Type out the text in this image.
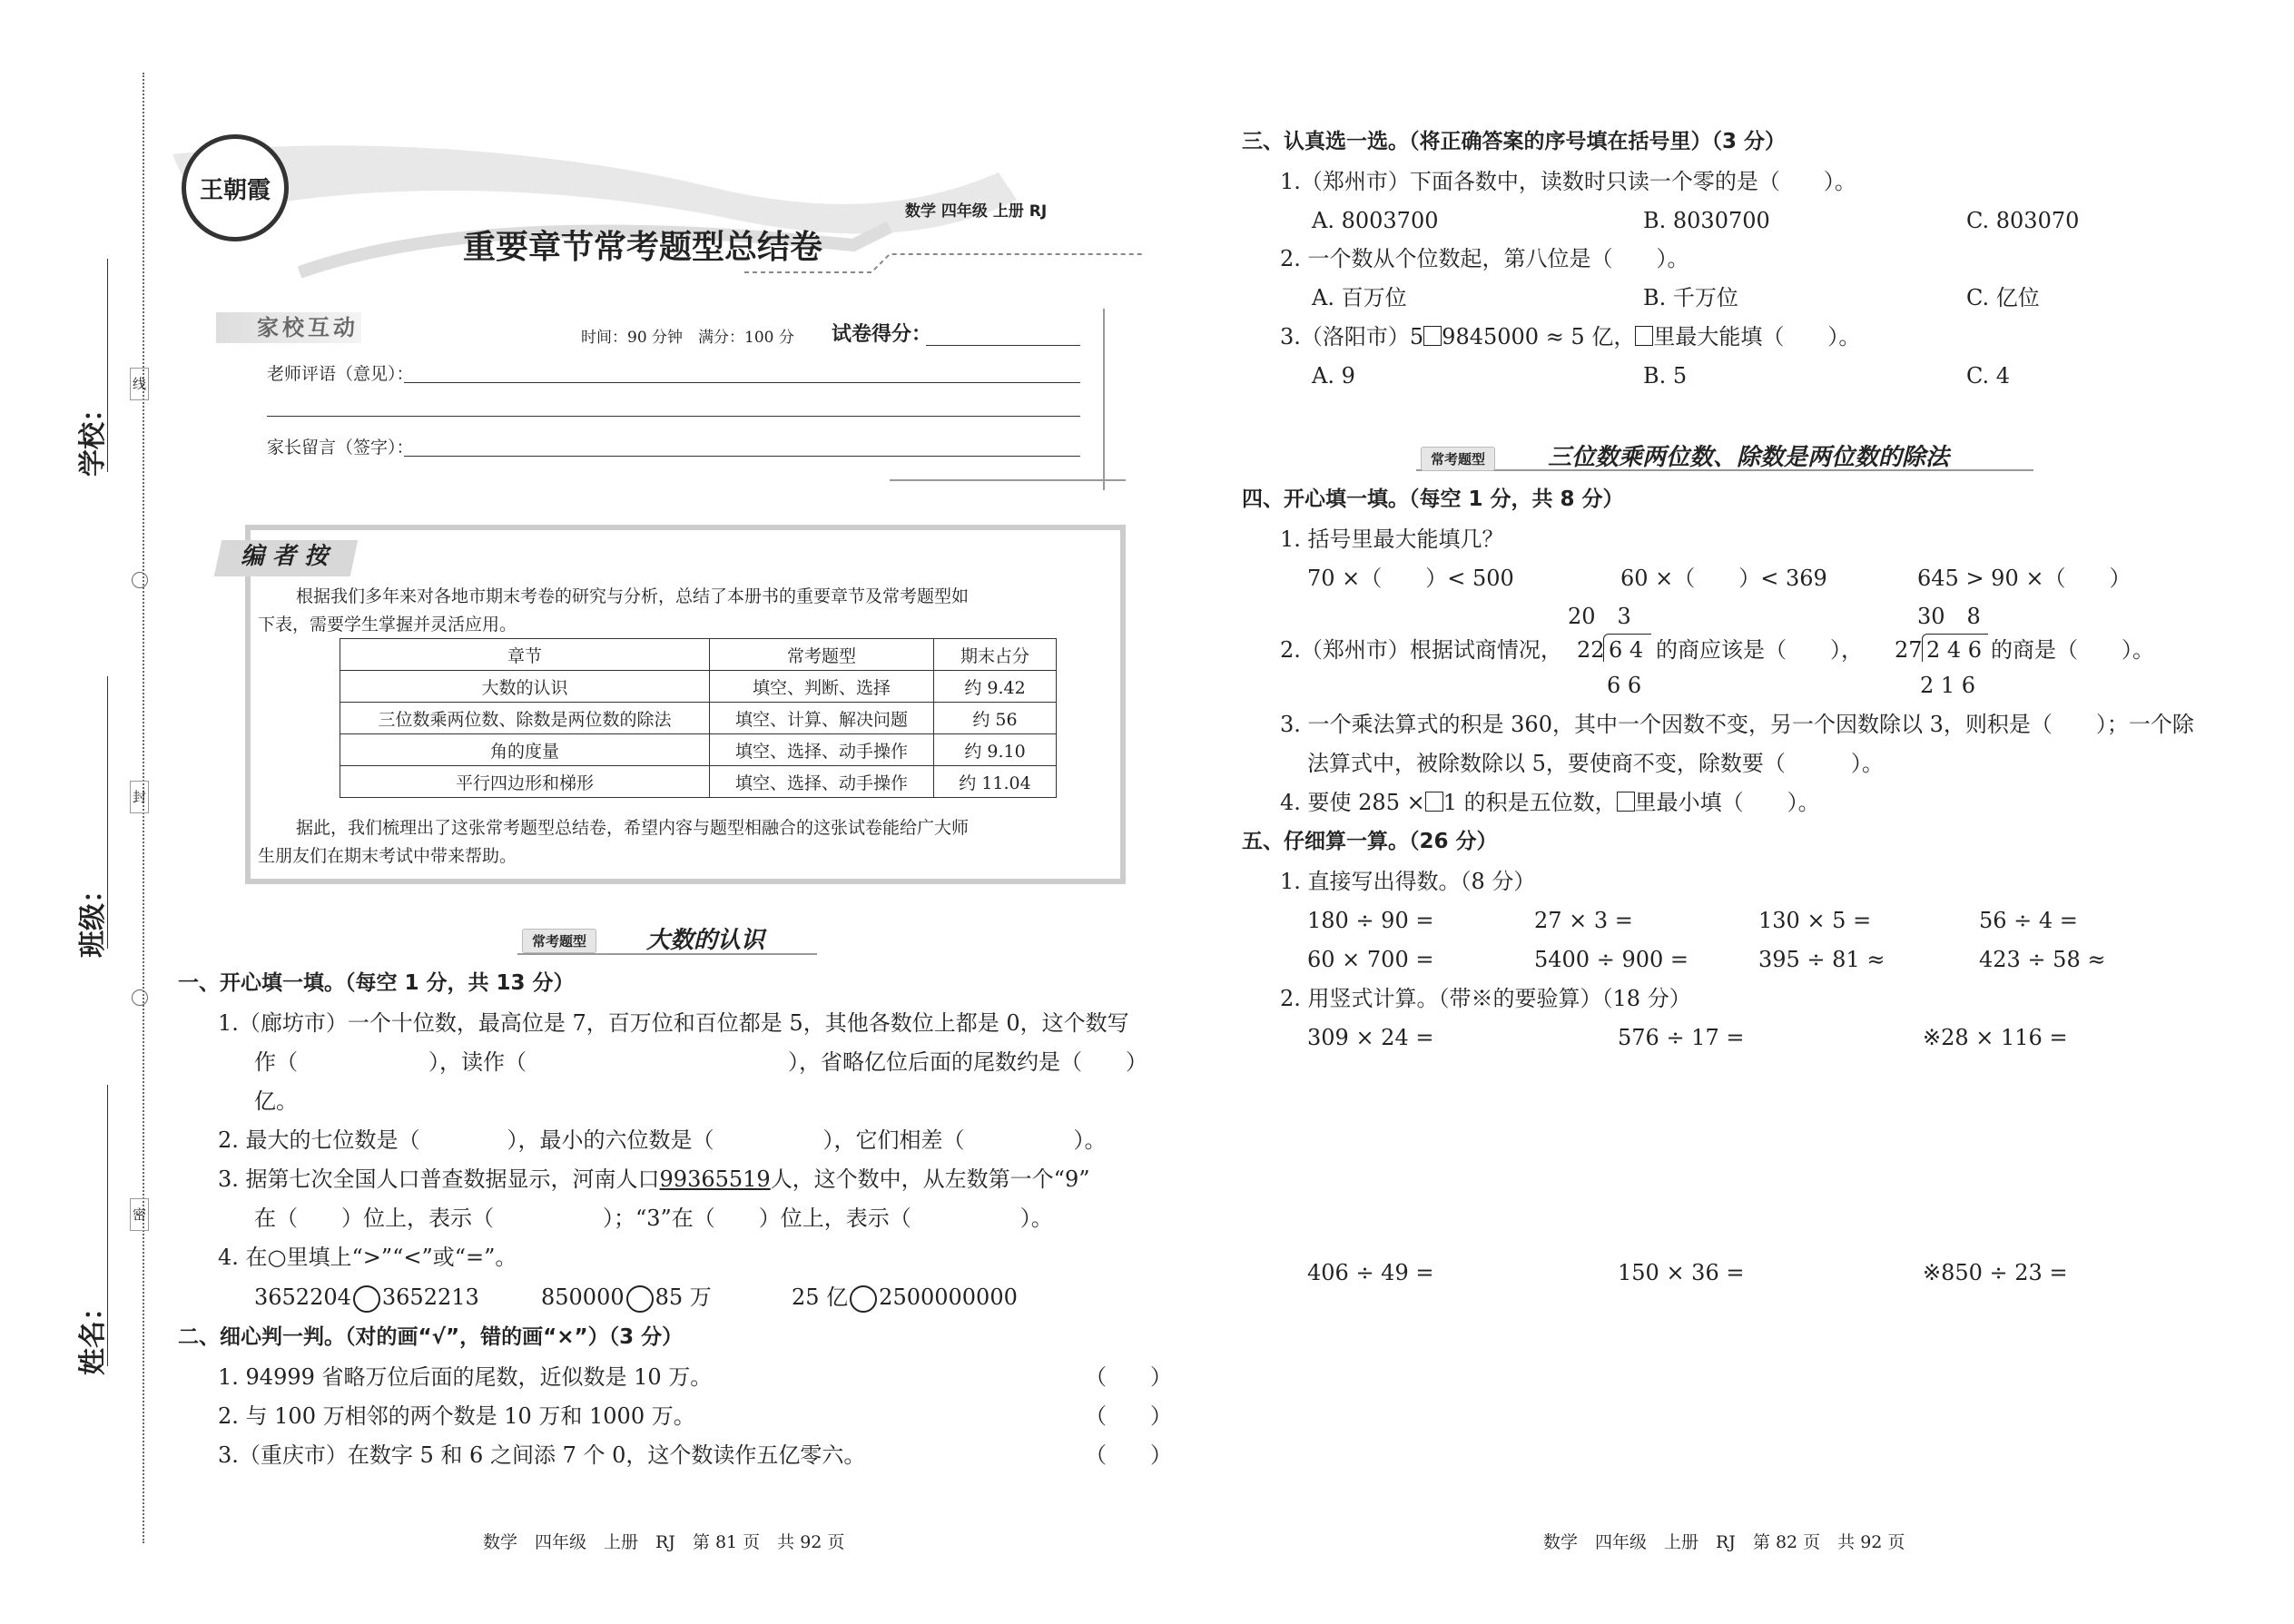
学校：
线
班级：
封
密
姓名：
王朝霞
数学 四年级 上册 RJ
重要章节常考题型总结卷
家校互动	时间：90 分钟　满分：100 分 试卷得分：
老师评语（意见）：
家长留言（签字）：
编 者 按
根据我们多年来对各地市期末考卷的研究与分析，总结了本册书的重要章节及常考题型如
下表，需要学生掌握并灵活应用。
章节	常考题型	期末占分
大数的认识	填空、判断、选择	约 9.42
三位数乘两位数、除数是两位数的除法	填空、计算、解决问题	约 56
角的度量	填空、选择、动手操作	约 9.10
平行四边形和梯形	填空、选择、动手操作	约 11.04
据此，我们梳理出了这张常考题型总结卷，希望内容与题型相融合的这张试卷能给广大师
生朋友们在期末考试中带来帮助。
常考题型	大数的认识
一、开心填一填。（每空 1 分，共 13 分）
1.（廊坊市）一个十位数，最高位是 7，百万位和百位都是 5，其他各数位上都是 0，这个数写
作（　　　　　　），读作（　　　　　　　　　　　　），省略亿位后面的尾数约是（　　）
亿。
2. 最大的七位数是（　　　　），最小的六位数是（　　　　　），它们相差（　　　　　）。
3. 据第七次全国人口普查数据显示，河南人口99365519人，这个数中，从左数第一个“9”
在（　　）位上，表示（　　　　　）；“3”在（　　）位上，表示（　　　　　）。
4. 在○里填上“>”“<”或“=”。
3652204 3652213	850000 85 万	25 亿 2500000000
二、细心判一判。（对的画“√”，错的画“×”）（3 分）
1. 94999 省略万位后面的尾数，近似数是 10 万。	（　　）
2. 与 100 万相邻的两个数是 10 万和 1000 万。	（　　）
3.（重庆市）在数字 5 和 6 之间添 7 个 0，这个数读作五亿零六。	（　　）
数学　四年级　上册　RJ　第 81 页　共 92 页
三、认真选一选。（将正确答案的序号填在括号里）（3 分）
1.（郑州市）下面各数中，读数时只读一个零的是（　　）。
A. 8003700	B. 8030700	C. 803070
2. 一个数从个位数起，第八位是（　　）。
A. 百万位	B. 千万位	C. 亿位
3.（洛阳市）5 9845000 ≈ 5 亿， 里最大能填（　　）。
A. 9	B. 5	C. 4
常考题型	三位数乘两位数、除数是两位数的除法
四、开心填一填。（每空 1 分，共 8 分）
1. 括号里最大能填几？
70 ×（　　）< 500	60 ×（　　）< 369	645 > 90 ×（　　）
2.（郑州市）根据试商情况，
20　3
22 6 4
6 6
的商应该是（　　），
30　8
27 2 4 6
2 1 6
的商是（　　）。
3. 一个乘法算式的积是 360，其中一个因数不变，另一个因数除以 3，则积是（　　）；一个除
法算式中，被除数除以 5，要使商不变，除数要（　　　）。
4. 要使 285 × 1 的积是五位数， 里最小填（　　）。
五、仔细算一算。（26 分）
1. 直接写出得数。（8 分）
180 ÷ 90 =	27 × 3 =	130 × 5 =	56 ÷ 4 =
60 × 700 =	5400 ÷ 900 =	395 ÷ 81 ≈	423 ÷ 58 ≈
2. 用竖式计算。（带※的要验算）（18 分）
309 × 24 =	576 ÷ 17 =	※28 × 116 =
406 ÷ 49 =	150 × 36 =	※850 ÷ 23 =
数学　四年级　上册　RJ　第 82 页　共 92 页
